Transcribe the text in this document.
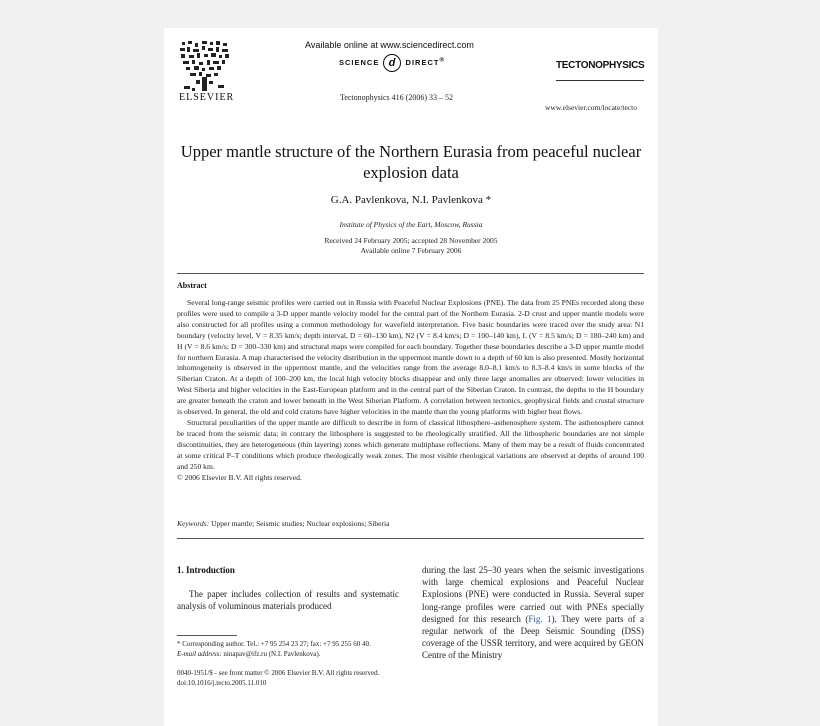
ELSEVIER
Available online at www.sciencedirect.com
SCIENCE d DIRECT®
Tectonophysics 416 (2006) 33 – 52
TECTONOPHYSICS
www.elsevier.com/locate/tecto
Upper mantle structure of the Northern Eurasia from peaceful nuclear explosion data
G.A. Pavlenkova, N.I. Pavlenkova *
Institute of Physics of the Eart, Moscow, Russia
Received 24 February 2005; accepted 28 November 2005
Available online 7 February 2006
Abstract

Several long-range seismic profiles were carried out in Russia with Peaceful Nuclear Explosions (PNE). The data from 25 PNEs recorded along these profiles were used to compile a 3-D upper mantle velocity model for the central part of the Northern Eurasia. 2-D crust and upper mantle models were also constructed for all profiles using a common methodology for wavefield interpretation. Five basic boundaries were traced over the study area: N1 boundary (velocity level, V = 8.35 km/s; depth interval, D = 60–130 km), N2 (V = 8.4 km/s; D = 100–140 km), L (V = 8.5 km/s; D = 180–240 km) and H (V = 8.6 km/s; D = 300–330 km) and structural maps were compiled for each boundary. Together these boundaries describe a 3-D upper mantle model for northern Eurasia. A map characterised the velocity distribution in the uppermost mantle down to a depth of 60 km is also presented. Mostly horizontal inhomogeneity is observed in the uppermost mantle, and the velocities range from the average 8.0–8.1 km/s to 8.3–8.4 km/s in some blocks of the Siberian Craton. At a depth of 100–200 km, the local high velocity blocks disappear and only three large anomalies are observed: lower velocities in West Siberia and higher velocities in the East-European platform and in the central part of the Siberian Craton. In contrast, the depths to the H boundary are greater beneath the craton and lower beneath in the West Siberian Platform. A correlation between tectonics, geophysical fields and crustal structure is observed. In general, the old and cold cratons have higher velocities in the mantle than the young platforms with higher heat flows.

Structural peculiarities of the upper mantle are difficult to describe in form of classical lithosphere–asthenosphere system. The asthenosphere cannot be traced from the seismic data; in contrary the lithosphere is suggested to be rheologically stratified. All the lithospheric boundaries are not simple discontinuities, they are heterogeneous (thin layering) zones which generate multiphase reflections. Many of them may be a result of fluids concentrated at some critical P–T conditions which produce rheologically weak zones. The most visible rheological variations are observed at depths of around 100 and 250 km.

© 2006 Elsevier B.V. All rights reserved.

Keywords: Upper mantle; Seismic studies; Nuclear explosions; Siberia
1. Introduction
The paper includes collection of results and systematic analysis of voluminous materials produced
during the last 25–30 years when the seismic investigations with large chemical explosions and Peaceful Nuclear Explosions (PNE) were conducted in Russia. Several super long-range profiles were carried out with PNEs specially designed for this research (Fig. 1). They were parts of a regular network of the Deep Seismic Sounding (DSS) coverage of the USSR territory, and were acquired by GEON Centre of the Ministry
* Corresponding author. Tel.: +7 95 254 23 27; fax: +7 95 255 60 40.
E-mail address: ninapav@ifz.ru (N.I. Pavlenkova).
0040-1951/$ - see front matter © 2006 Elsevier B.V. All rights reserved.
doi:10.1016/j.tecto.2005.11.010
